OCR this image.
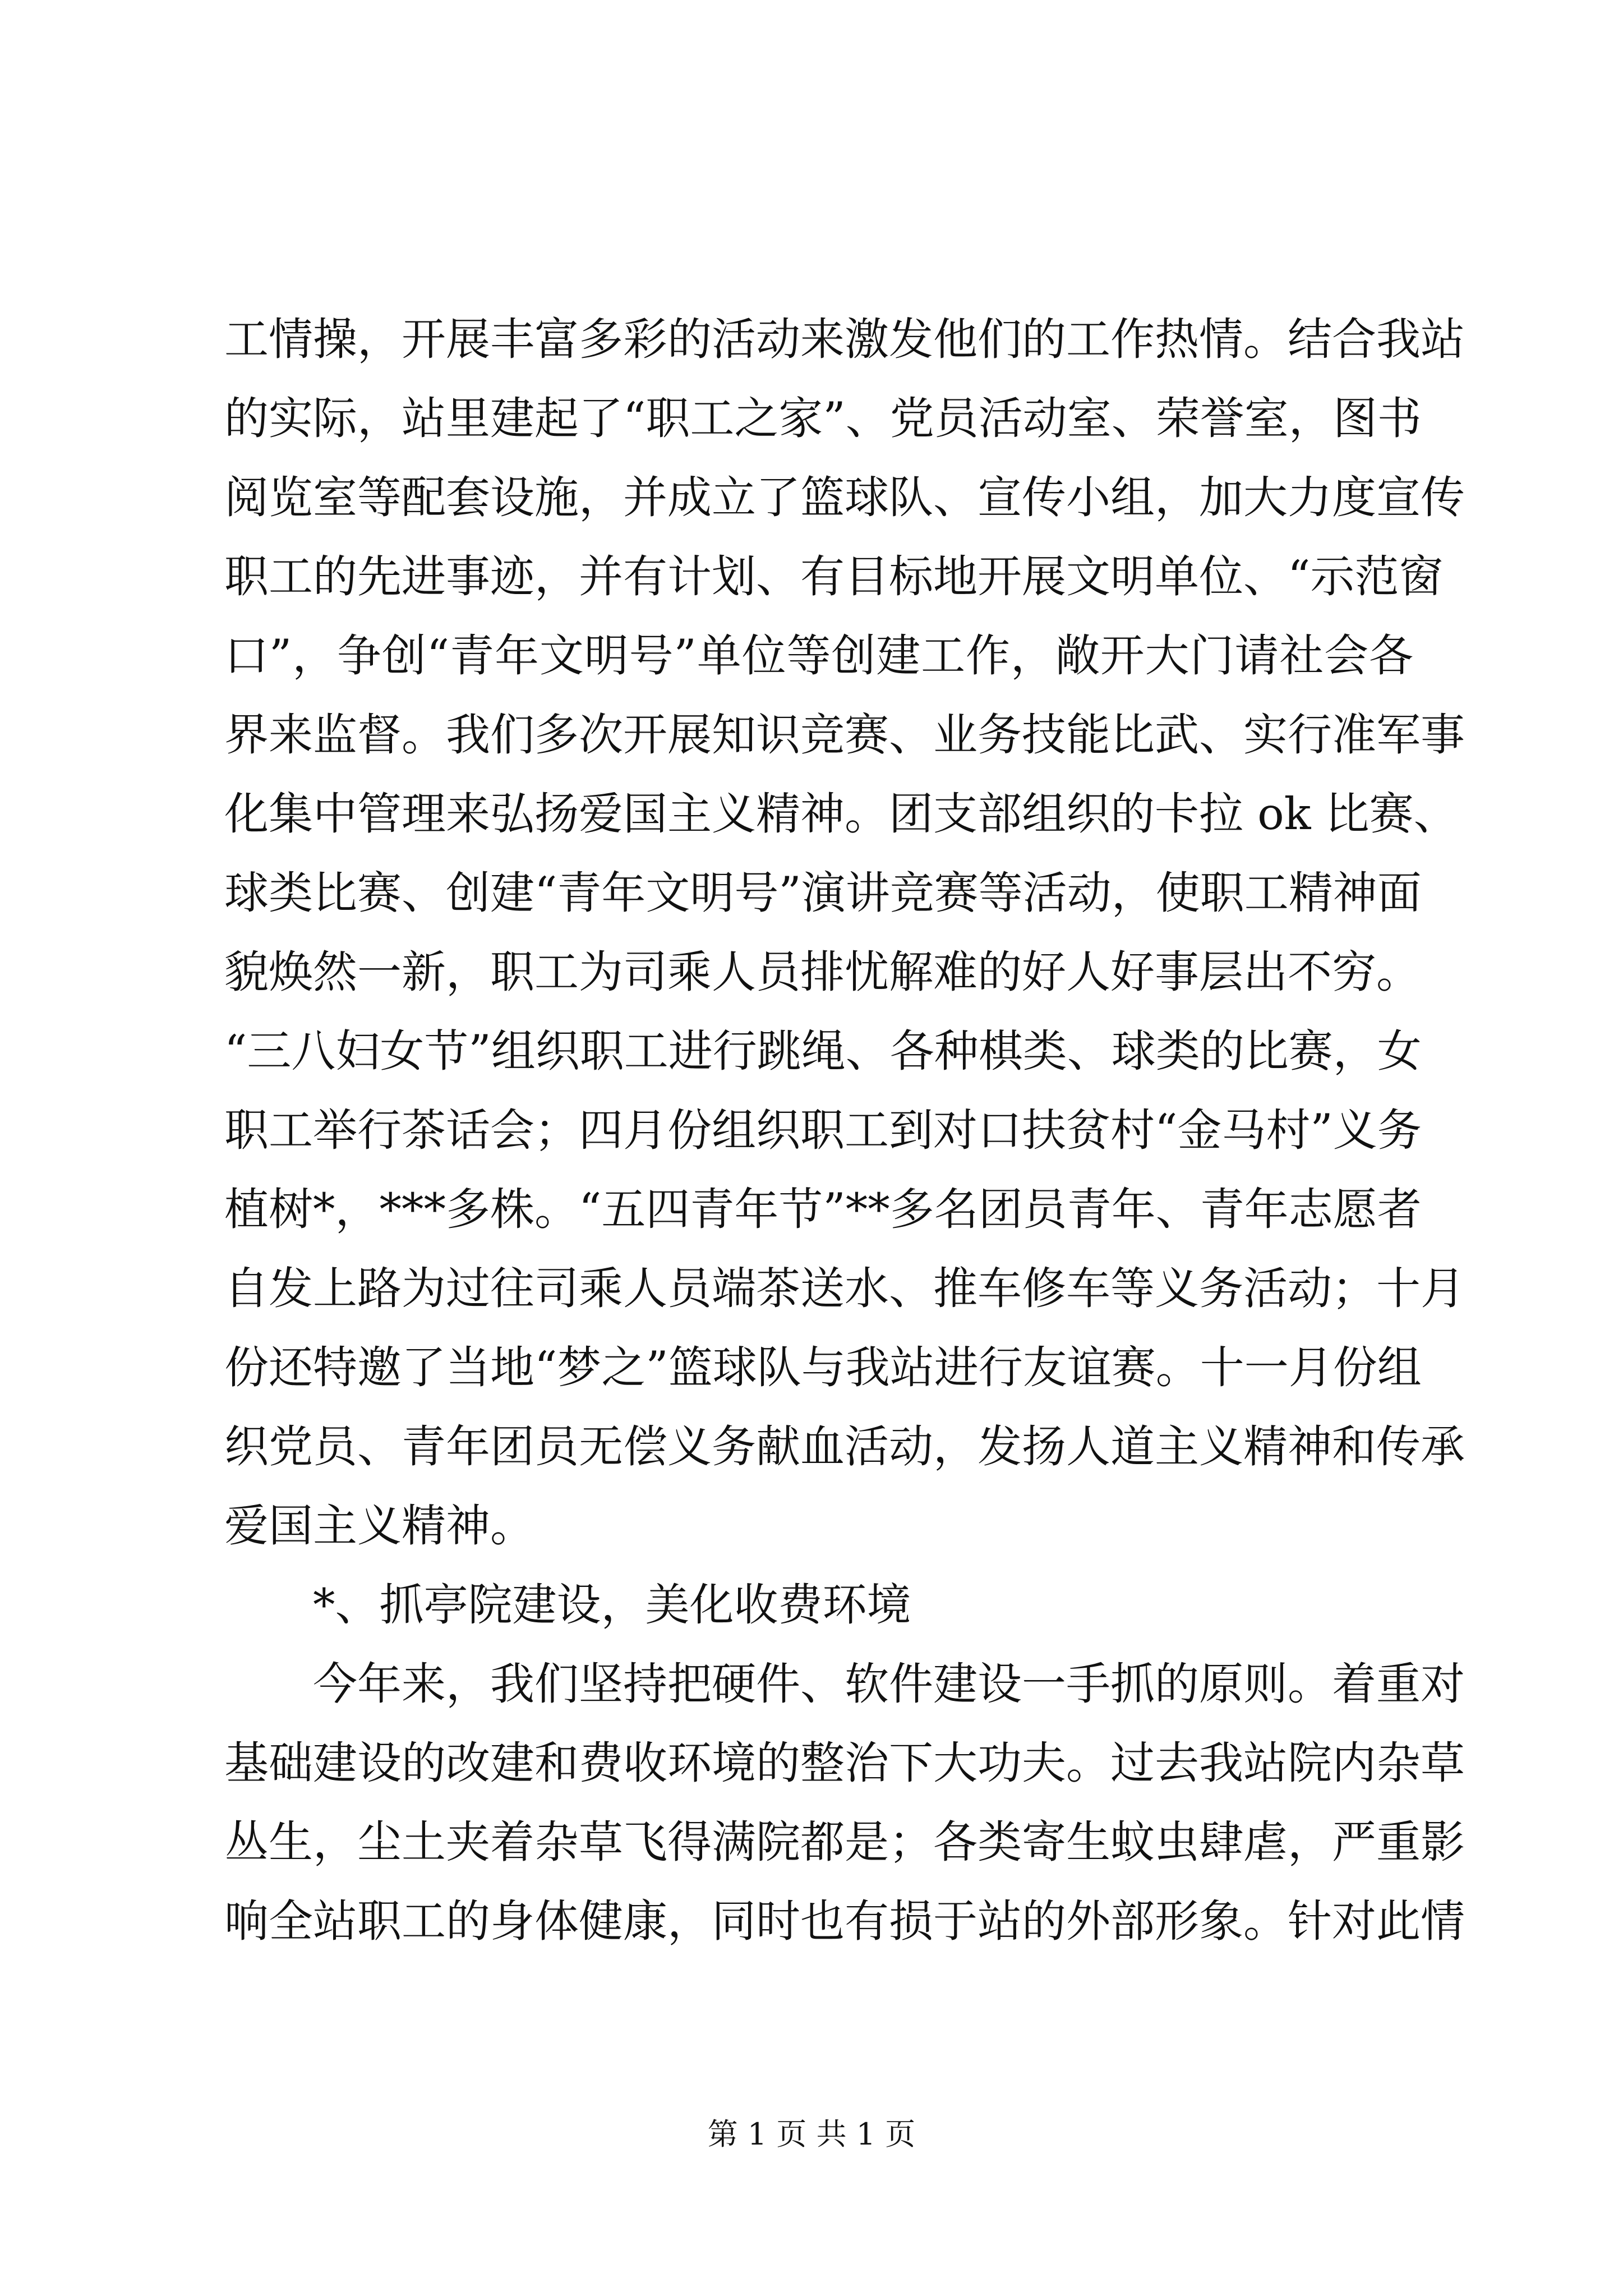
工情操，开展丰富多彩的活动来激发他们的工作热情。结合我站
的实际，站里建起了“职工之家”、党员活动室、荣誉室，图书
阅览室等配套设施，并成立了篮球队、宣传小组，加大力度宣传
职工的先进事迹，并有计划、有目标地开展文明单位、“示范窗
口”，争创“青年文明号”单位等创建工作，敞开大门请社会各
界来监督。我们多次开展知识竞赛、业务技能比武、实行准军事
化集中管理来弘扬爱国主义精神。团支部组织的卡拉 ok 比赛、
球类比赛、创建“青年文明号”演讲竞赛等活动，使职工精神面
貌焕然一新，职工为司乘人员排忧解难的好人好事层出不穷。
“三八妇女节”组织职工进行跳绳、各种棋类、球类的比赛，女
职工举行茶话会；四月份组织职工到对口扶贫村“金马村”义务
植树*，***多株。“五四青年节”**多名团员青年、青年志愿者
自发上路为过往司乘人员端茶送水、推车修车等义务活动；十月
份还特邀了当地“梦之”篮球队与我站进行友谊赛。十一月份组
织党员、青年团员无偿义务献血活动，发扬人道主义精神和传承
爱国主义精神。
*、抓亭院建设，美化收费环境
今年来，我们坚持把硬件、软件建设一手抓的原则。着重对
基础建设的改建和费收环境的整治下大功夫。过去我站院内杂草
丛生，尘土夹着杂草飞得满院都是；各类寄生蚊虫肆虐，严重影
响全站职工的身体健康，同时也有损于站的外部形象。针对此情
第 1 页 共 1 页
